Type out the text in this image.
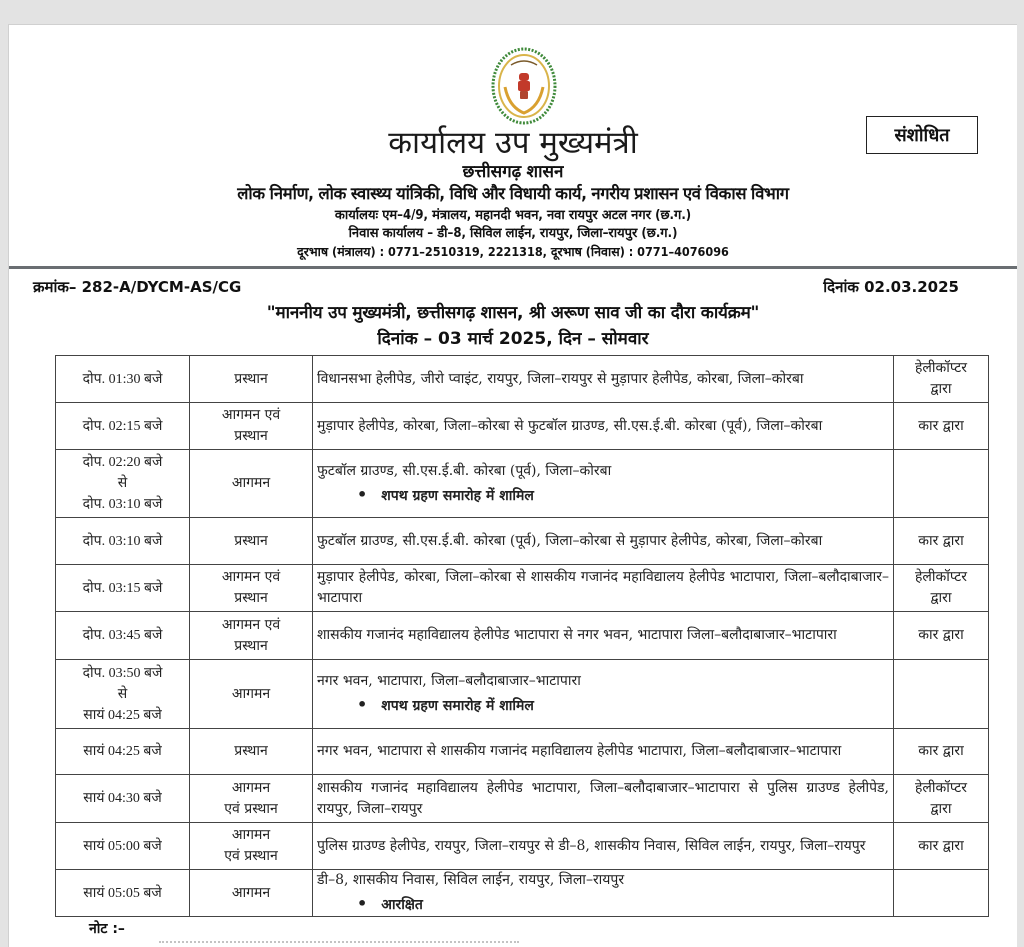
कार्यालय उप मुख्यमंत्री	संशोधित
छत्तीसगढ़ शासन
लोक निर्माण, लोक स्वास्थ्य यांत्रिकी, विधि और विधायी कार्य, नगरीय प्रशासन एवं विकास विभाग
कार्यालयः एम–4/9, मंत्रालय, महानदी भवन, नवा रायपुर अटल नगर (छ.ग.)
निवास कार्यालय – डी–8, सिविल लाईन, रायपुर, जिला–रायपुर (छ.ग.)
दूरभाष (मंत्रालय) : 0771–2510319, 2221318, दूरभाष (निवास) : 0771–4076096
क्रमांक– 282-A/DYCM-AS/CG	दिनांक 02.03.2025
"माननीय उप मुख्यमंत्री, छत्तीसगढ़ शासन, श्री अरूण साव जी का दौरा कार्यक्रम"
दिनांक – 03 मार्च 2025, दिन – सोमवार
दोप. 01:30 बजे	प्रस्थान	विधानसभा हेलीपेड, जीरो प्वाइंट, रायपुर, जिला–रायपुर से मुड़ापार हेलीपेड, कोरबा, जिला–कोरबा	हेलीकॉप्टर
द्वारा

दोप. 02:15 बजे	आगमन एवं
प्रस्थान	मुड़ापार हेलीपेड, कोरबा, जिला–कोरबा से फुटबॉल ग्राउण्ड, सी.एस.ई.बी. कोरबा (पूर्व), जिला–कोरबा	कार द्वारा

दोप. 02:20 बजे
से
दोप. 03:10 बजे	आगमन	फुटबॉल ग्राउण्ड, सी.एस.ई.बी. कोरबा (पूर्व), जिला–कोरबा
• शपथ ग्रहण समारोह में शामिल

दोप. 03:10 बजे	प्रस्थान	फुटबॉल ग्राउण्ड, सी.एस.ई.बी. कोरबा (पूर्व), जिला–कोरबा से मुड़ापार हेलीपेड, कोरबा, जिला–कोरबा	कार द्वारा

दोप. 03:15 बजे	आगमन एवं
प्रस्थान	मुड़ापार हेलीपेड, कोरबा, जिला–कोरबा से शासकीय गजानंद महाविद्यालय हेलीपेड भाटापारा, जिला–बलौदाबाजार–भाटापारा	हेलीकॉप्टर
द्वारा

दोप. 03:45 बजे	आगमन एवं
प्रस्थान	शासकीय गजानंद महाविद्यालय हेलीपेड भाटापारा से नगर भवन, भाटापारा जिला–बलौदाबाजार–भाटापारा	कार द्वारा

दोप. 03:50 बजे
से
सायं 04:25 बजे	आगमन	नगर भवन, भाटापारा, जिला–बलौदाबाजार–भाटापारा
• शपथ ग्रहण समारोह में शामिल

सायं 04:25 बजे	प्रस्थान	नगर भवन, भाटापारा से शासकीय गजानंद महाविद्यालय हेलीपेड भाटापारा, जिला–बलौदाबाजार–भाटापारा	कार द्वारा

सायं 04:30 बजे	आगमन
एवं प्रस्थान	शासकीय गजानंद महाविद्यालय हेलीपेड भाटापारा, जिला–बलौदाबाजार–भाटापारा से पुलिस ग्राउण्ड हेलीपेड, रायपुर, जिला–रायपुर	हेलीकॉप्टर
द्वारा

सायं 05:00 बजे	आगमन
एवं प्रस्थान	पुलिस ग्राउण्ड हेलीपेड, रायपुर, जिला–रायपुर से डी–8, शासकीय निवास, सिविल लाईन, रायपुर, जिला–रायपुर	कार द्वारा

सायं 05:05 बजे	आगमन	डी–8, शासकीय निवास, सिविल लाईन, रायपुर, जिला–रायपुर
• आरक्षित

नोट :–
